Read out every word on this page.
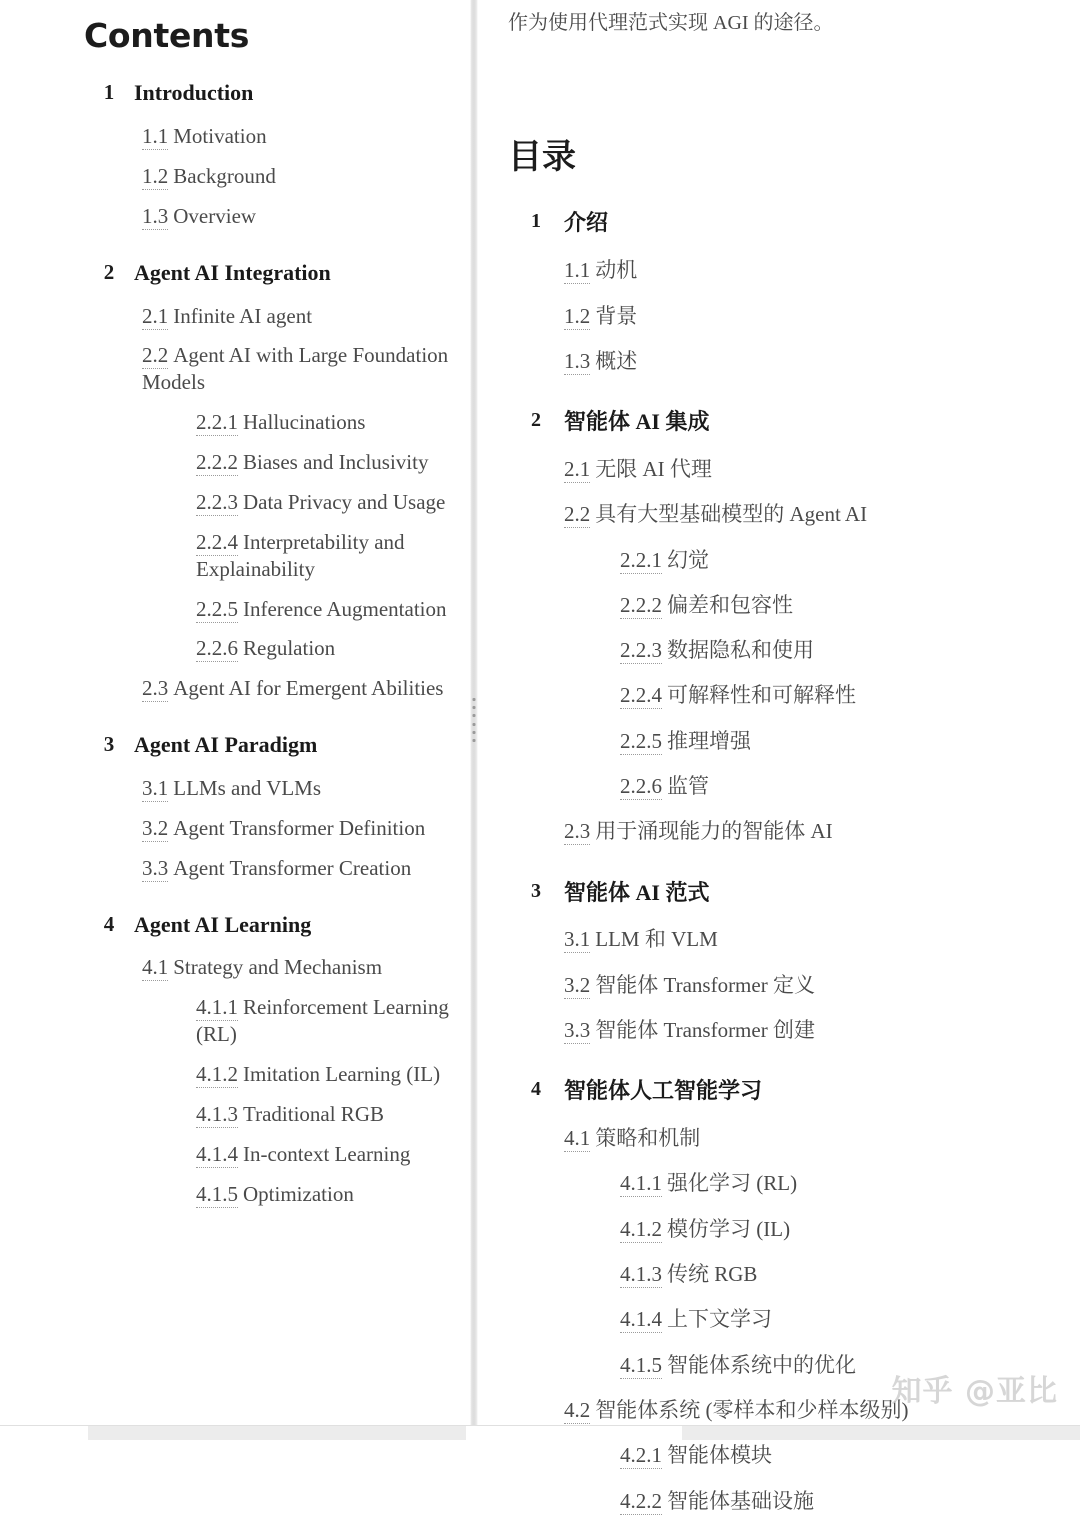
Contents
1 Introduction
1.1 Motivation
1.2 Background
1.3 Overview
2 Agent AI Integration
2.1 Infinite AI agent
2.2 Agent AI with Large Foundation Models
2.2.1 Hallucinations
2.2.2 Biases and Inclusivity
2.2.3 Data Privacy and Usage
2.2.4 Interpretability and Explainability
2.2.5 Inference Augmentation
2.2.6 Regulation
2.3 Agent AI for Emergent Abilities
3 Agent AI Paradigm
3.1 LLMs and VLMs
3.2 Agent Transformer Definition
3.3 Agent Transformer Creation
4 Agent AI Learning
4.1 Strategy and Mechanism
4.1.1 Reinforcement Learning (RL)
4.1.2 Imitation Learning (IL)
4.1.3 Traditional RGB
4.1.4 In-context Learning
4.1.5 Optimization

作为使用代理范式实现 AGI 的途径。

目录
1	介绍
1.1 动机
1.2 背景
1.3 概述
2	智能体 AI 集成
2.1 无限 AI 代理
2.2 具有大型基础模型的 Agent AI
2.2.1 幻觉
2.2.2 偏差和包容性
2.2.3 数据隐私和使用
2.2.4 可解释性和可解释性
2.2.5 推理增强
2.2.6 监管
2.3 用于涌现能力的智能体 AI
3	智能体 AI 范式
3.1 LLM 和 VLM
3.2 智能体 Transformer 定义
3.3 智能体 Transformer 创建
4	智能体人工智能学习
4.1 策略和机制
4.1.1 强化学习 (RL)
4.1.2 模仿学习 (IL)
4.1.3 传统 RGB
4.1.4 上下文学习
4.1.5 智能体系统中的优化
4.2 智能体系统 (零样本和少样本级别)
4.2.1 智能体模块
4.2.2 智能体基础设施
知乎 @亚比
